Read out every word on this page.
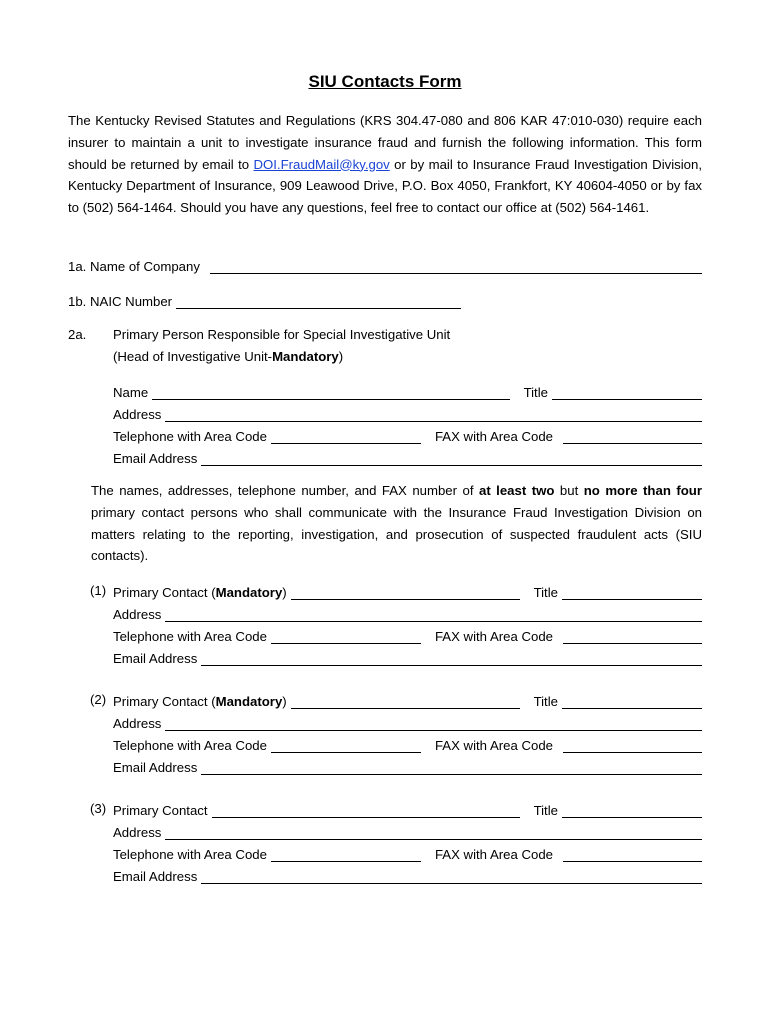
SIU Contacts Form
The Kentucky Revised Statutes and Regulations (KRS 304.47-080 and 806 KAR 47:010-030) require each insurer to maintain a unit to investigate insurance fraud and furnish the following information. This form should be returned by email to DOI.FraudMail@ky.gov or by mail to Insurance Fraud Investigation Division, Kentucky Department of Insurance, 909 Leawood Drive, P.O. Box 4050, Frankfort, KY 40604-4050 or by fax to (502) 564-1464. Should you have any questions, feel free to contact our office at (502) 564-1461.
1a. Name of Company
1b. NAIC Number
2a. Primary Person Responsible for Special Investigative Unit
(Head of Investigative Unit-Mandatory)
Name	Title
Address
Telephone with Area Code	FAX with Area Code
Email Address
The names, addresses, telephone number, and FAX number of at least two but no more than four primary contact persons who shall communicate with the Insurance Fraud Investigation Division on matters relating to the reporting, investigation, and prosecution of suspected fraudulent acts (SIU contacts).
(1) Primary Contact (Mandatory)	Title
Address
Telephone with Area Code	FAX with Area Code
Email Address
(2) Primary Contact (Mandatory)	Title
Address
Telephone with Area Code	FAX with Area Code
Email Address
(3) Primary Contact	Title
Address
Telephone with Area Code	FAX with Area Code
Email Address
